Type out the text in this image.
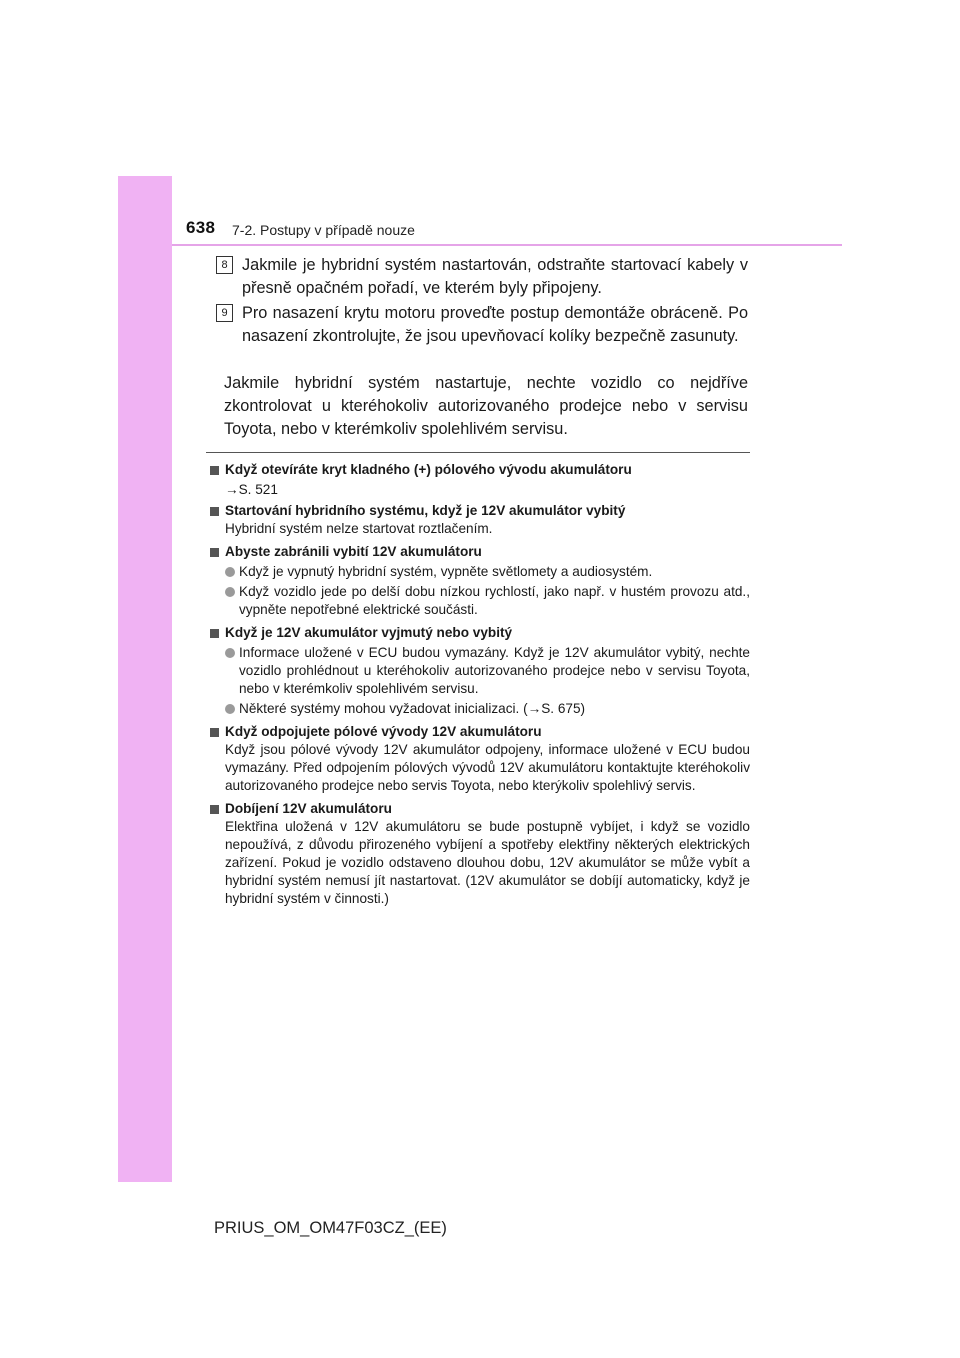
638 7-2. Postupy v případě nouze
8 Jakmile je hybridní systém nastartován, odstraňte startovací kabely v přesně opačném pořadí, ve kterém byly připojeny.
9 Pro nasazení krytu motoru proveďte postup demontáže obráceně. Po nasazení zkontrolujte, že jsou upevňovací kolíky bezpečně zasunuty.
Jakmile hybridní systém nastartuje, nechte vozidlo co nejdříve zkontrolovat u kteréhokoliv autorizovaného prodejce nebo v servisu Toyota, nebo v kterémkoliv spolehlivém servisu.
Když otevíráte kryt kladného (+) pólového vývodu akumulátoru
→S. 521
Startování hybridního systému, když je 12V akumulátor vybitý
Hybridní systém nelze startovat roztlačením.
Abyste zabránili vybití 12V akumulátoru
Když je vypnutý hybridní systém, vypněte světlomety a audiosystém.
Když vozidlo jede po delší dobu nízkou rychlostí, jako např. v hustém provozu atd., vypněte nepotřebné elektrické součásti.
Když je 12V akumulátor vyjmutý nebo vybitý
Informace uložené v ECU budou vymazány. Když je 12V akumulátor vybitý, nechte vozidlo prohlédnout u kteréhokoliv autorizovaného prodejce nebo v servisu Toyota, nebo v kterémkoliv spolehlivém servisu.
Některé systémy mohou vyžadovat inicializaci. (→S. 675)
Když odpojujete pólové vývody 12V akumulátoru
Když jsou pólové vývody 12V akumulátor odpojeny, informace uložené v ECU budou vymazány. Před odpojením pólových vývodů 12V akumulátoru kontaktujte kteréhokoliv autorizovaného prodejce nebo servis Toyota, nebo kterýkoliv spolehlivý servis.
Dobíjení 12V akumulátoru
Elektřina uložená v 12V akumulátoru se bude postupně vybíjet, i když se vozidlo nepoužívá, z důvodu přirozeného vybíjení a spotřeby elektřiny některých elektrických zařízení. Pokud je vozidlo odstaveno dlouhou dobu, 12V akumulátor se může vybít a hybridní systém nemusí jít nastartovat. (12V akumulátor se dobíjí automaticky, když je hybridní systém v činnosti.)
PRIUS_OM_OM47F03CZ_(EE)
